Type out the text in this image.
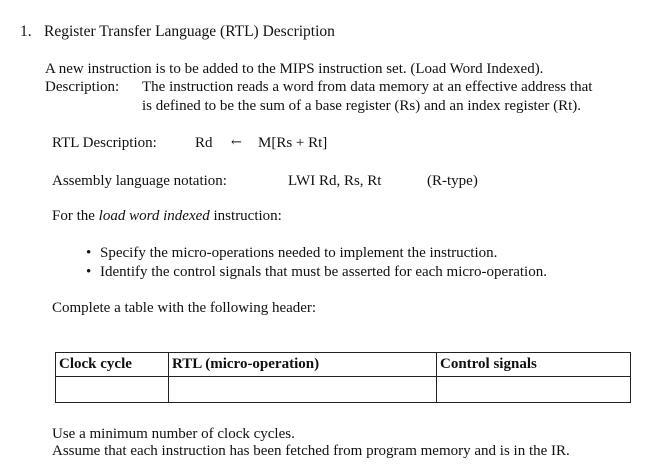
1. Register Transfer Language (RTL) Description
A new instruction is to be added to the MIPS instruction set. (Load Word Indexed).
Description: The instruction reads a word from data memory at an effective address that
is defined to be the sum of a base register (Rs) and an index register (Rt).
RTL Description:	Rd ← M[Rs + Rt]
Assembly language notation:	LWI Rd, Rs, Rt	(R-type)
For the load word indexed instruction:
• Specify the micro-operations needed to implement the instruction.
• Identify the control signals that must be asserted for each micro-operation.
Complete a table with the following header:
Clock cycle	RTL (micro-operation)	Control signals

Use a minimum number of clock cycles.
Assume that each instruction has been fetched from program memory and is in the IR.
